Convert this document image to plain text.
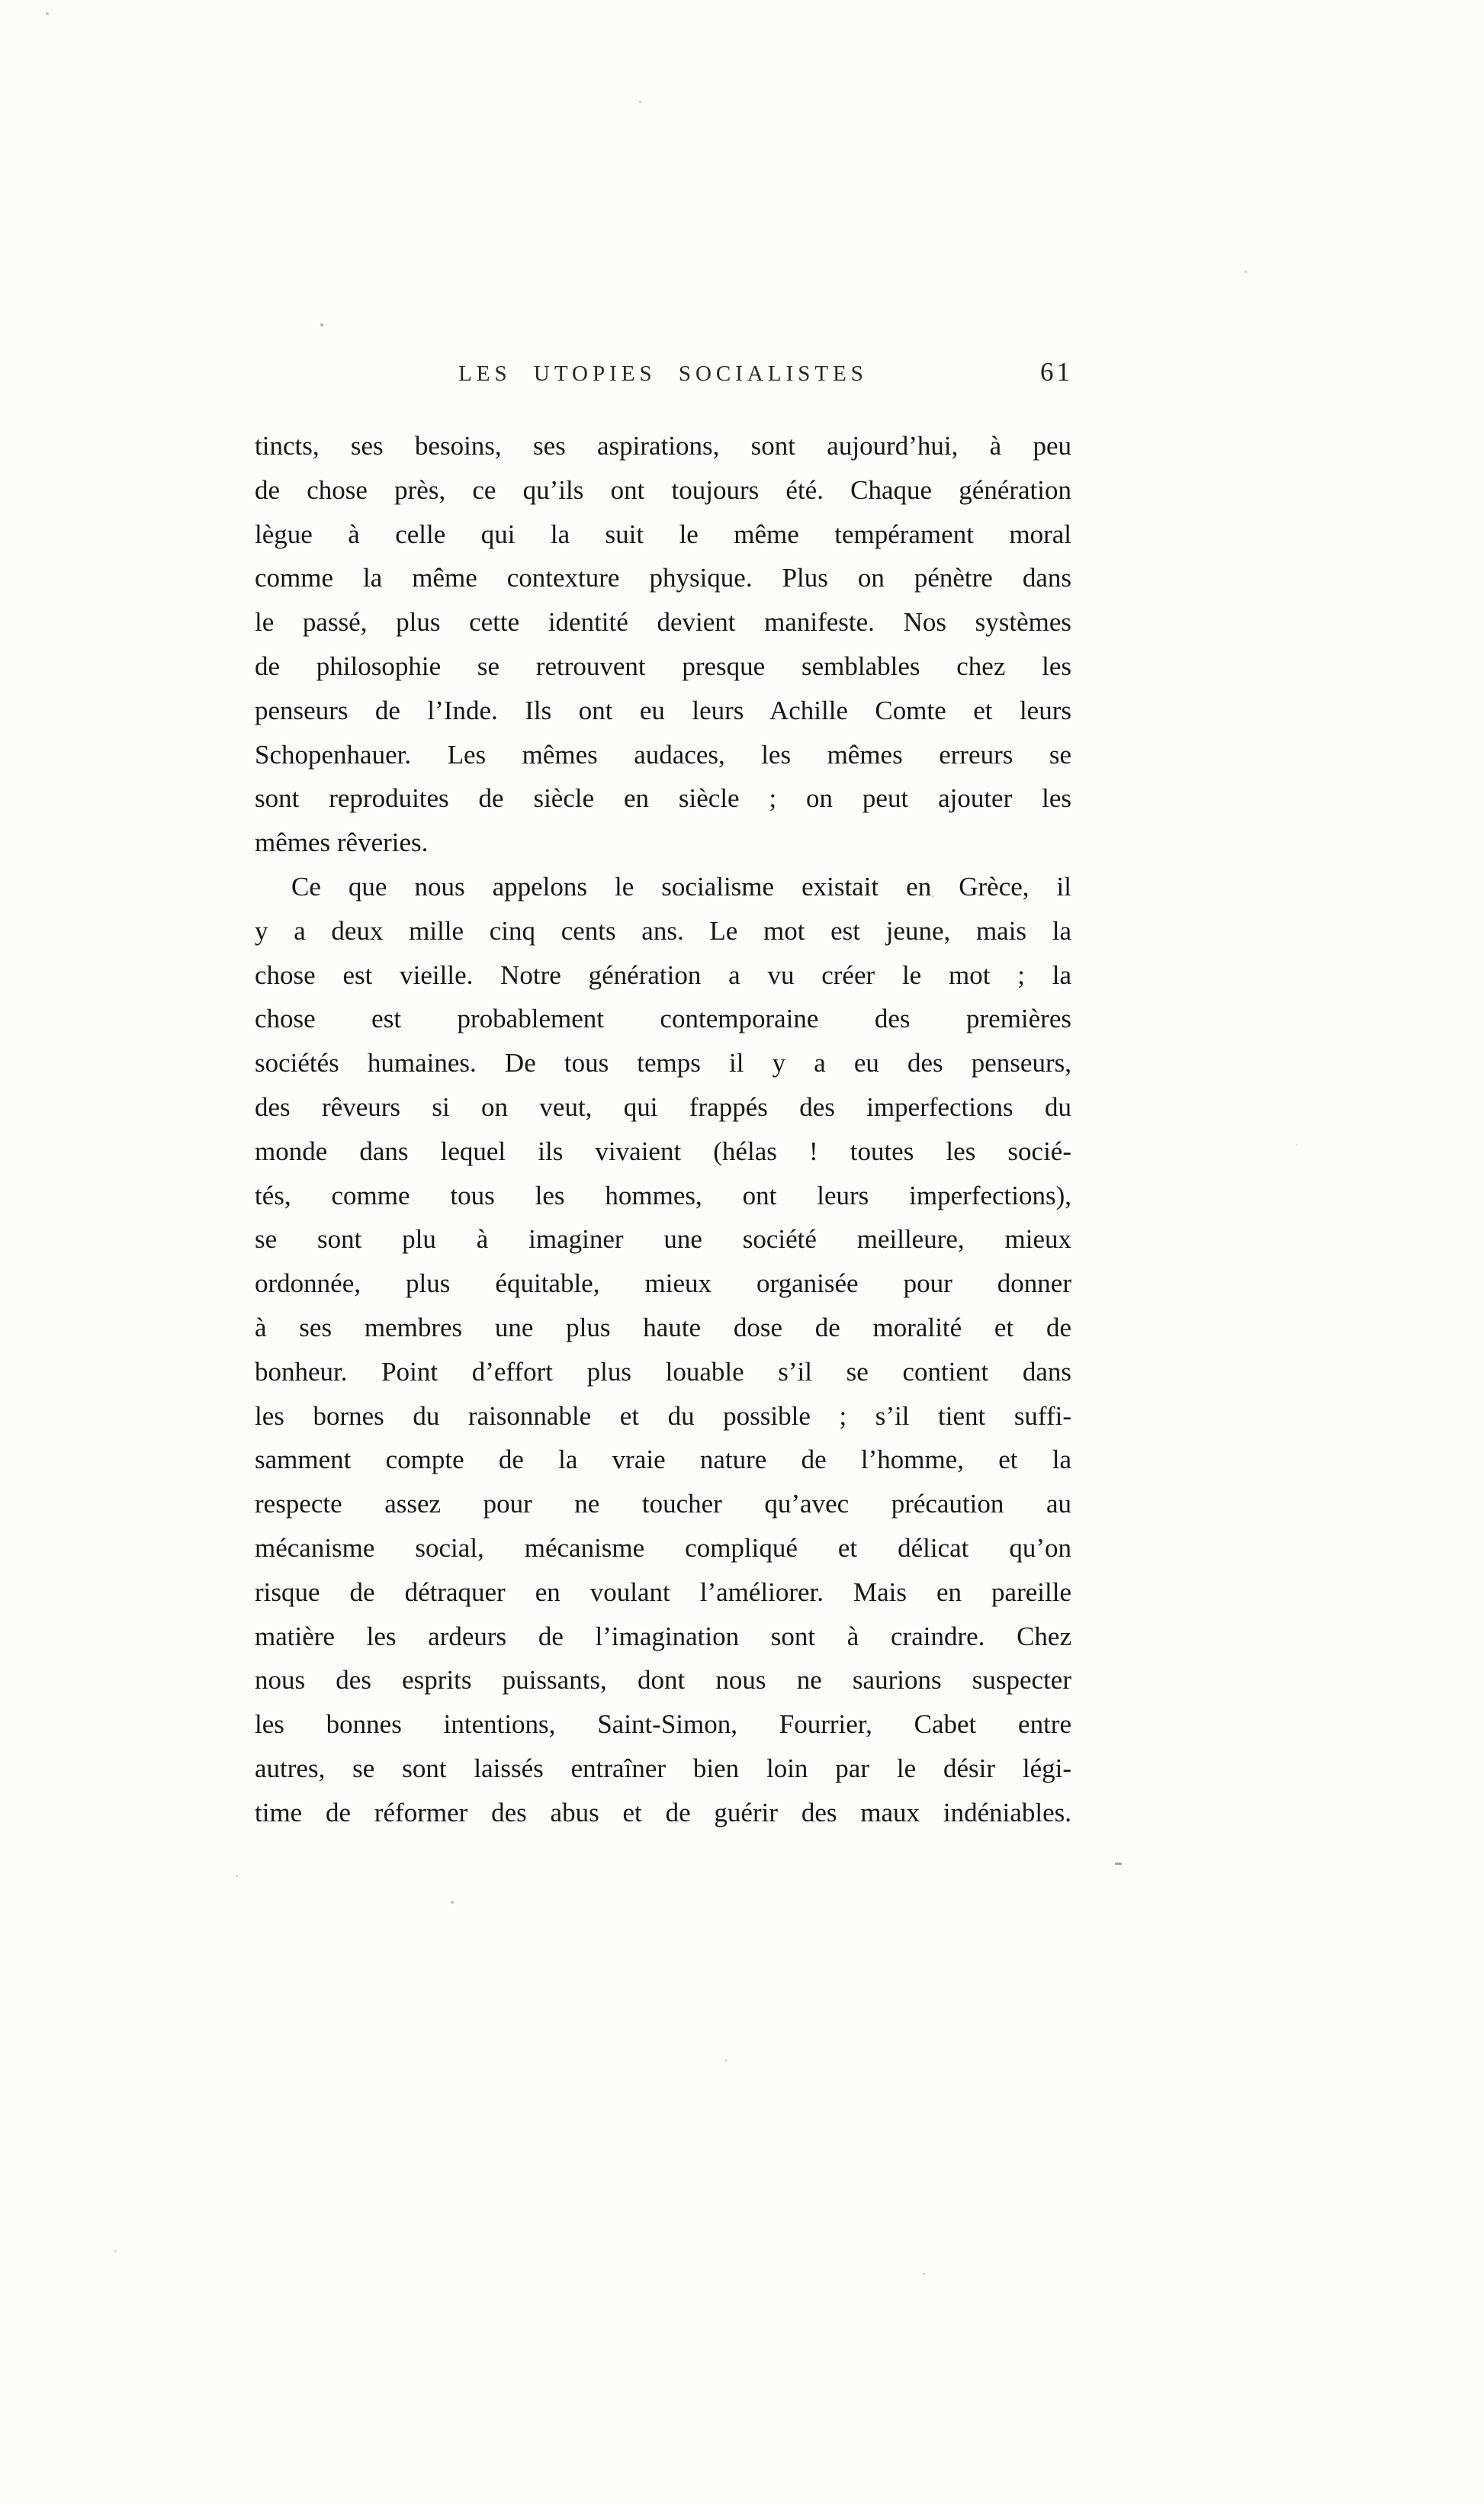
LES UTOPIES SOCIALISTES	61
tincts, ses besoins, ses aspirations, sont aujourd’hui, à peu
de chose près, ce qu’ils ont toujours été. Chaque génération
lègue à celle qui la suit le même tempérament moral
comme la même contexture physique. Plus on pénètre dans
le passé, plus cette identité devient manifeste. Nos systèmes
de philosophie se retrouvent presque semblables chez les
penseurs de l’Inde. Ils ont eu leurs Achille Comte et leurs
Schopenhauer. Les mêmes audaces, les mêmes erreurs se
sont reproduites de siècle en siècle ; on peut ajouter les
mêmes rêveries.
Ce que nous appelons le socialisme existait en Grèce, il
y a deux mille cinq cents ans. Le mot est jeune, mais la
chose est vieille. Notre génération a vu créer le mot ; la
chose est probablement contemporaine des premières
sociétés humaines. De tous temps il y a eu des penseurs,
des rêveurs si on veut, qui frappés des imperfections du
monde dans lequel ils vivaient (hélas ! toutes les socié-
tés, comme tous les hommes, ont leurs imperfections),
se sont plu à imaginer une société meilleure, mieux
ordonnée, plus équitable, mieux organisée pour donner
à ses membres une plus haute dose de moralité et de
bonheur. Point d’effort plus louable s’il se contient dans
les bornes du raisonnable et du possible ; s’il tient suffi-
samment compte de la vraie nature de l’homme, et la
respecte assez pour ne toucher qu’avec précaution au
mécanisme social, mécanisme compliqué et délicat qu’on
risque de détraquer en voulant l’améliorer. Mais en pareille
matière les ardeurs de l’imagination sont à craindre. Chez
nous des esprits puissants, dont nous ne saurions suspecter
les bonnes intentions, Saint-Simon, Fourrier, Cabet entre
autres, se sont laissés entraîner bien loin par le désir légi-
time de réformer des abus et de guérir des maux indéniables.
